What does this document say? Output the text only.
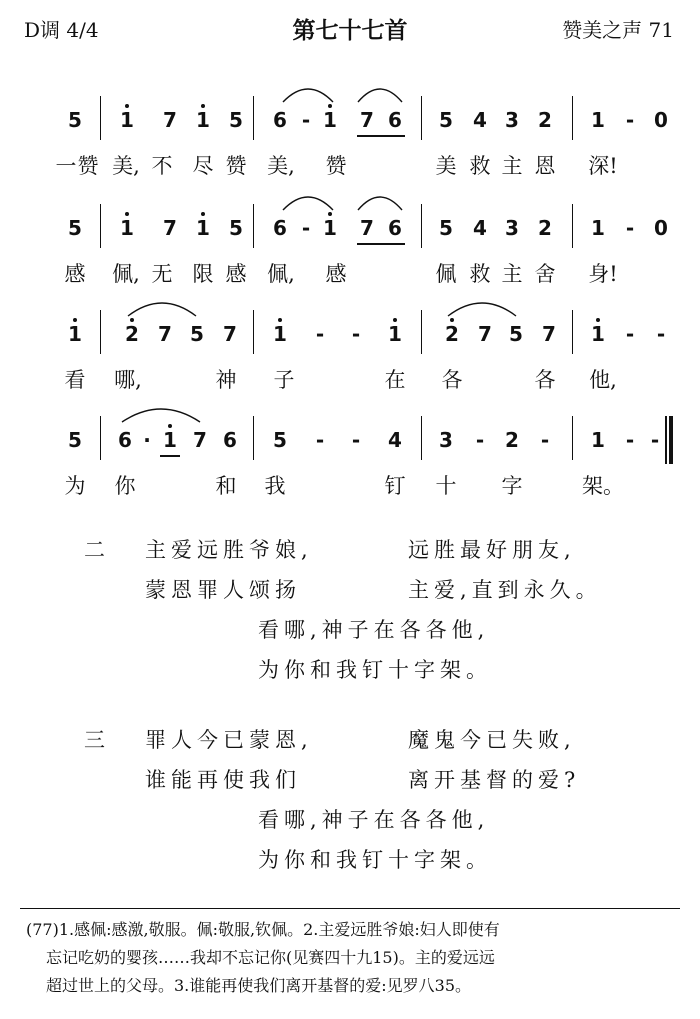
D调 4/4	第七十七首	赞美之声 71
5 1 7 1 5 6 - 1 7 6 5 4 3 2 1 - 0
一 赞 美, 不 尽 赞 美, 赞	美 救 主 恩 深!
5 1 7 1 5 6 - 1 7 6 5 4 3 2 1 - 0
感 佩, 无 限 感 佩, 感	佩 救 主 舍 身!
1 2 7 5 7 1 - - 1 2 7 5 7 1 - -
看 哪,	神 子	在 各	各 他,
5 6 · 1 7 6 5 - - 4 3 - 2 - 1 - -
为 你	和 我	钉 十 字	架。
二 主爱远胜爷娘,	远胜最好朋友,
蒙恩罪人颂扬	主爱,直到永久。
看哪,神子在各各他,
为你和我钉十字架。
三 罪人今已蒙恩,	魔鬼今已失败,
谁能再使我们	离开基督的爱?
看哪,神子在各各他,
为你和我钉十字架。
(77)1.感佩:感激,敬服。佩:敬服,钦佩。2.主爱远胜爷娘:妇人即使有
忘记吃奶的婴孩……我却不忘记你(见赛四十九15)。主的爱远远
超过世上的父母。3.谁能再使我们离开基督的爱:见罗八35。
